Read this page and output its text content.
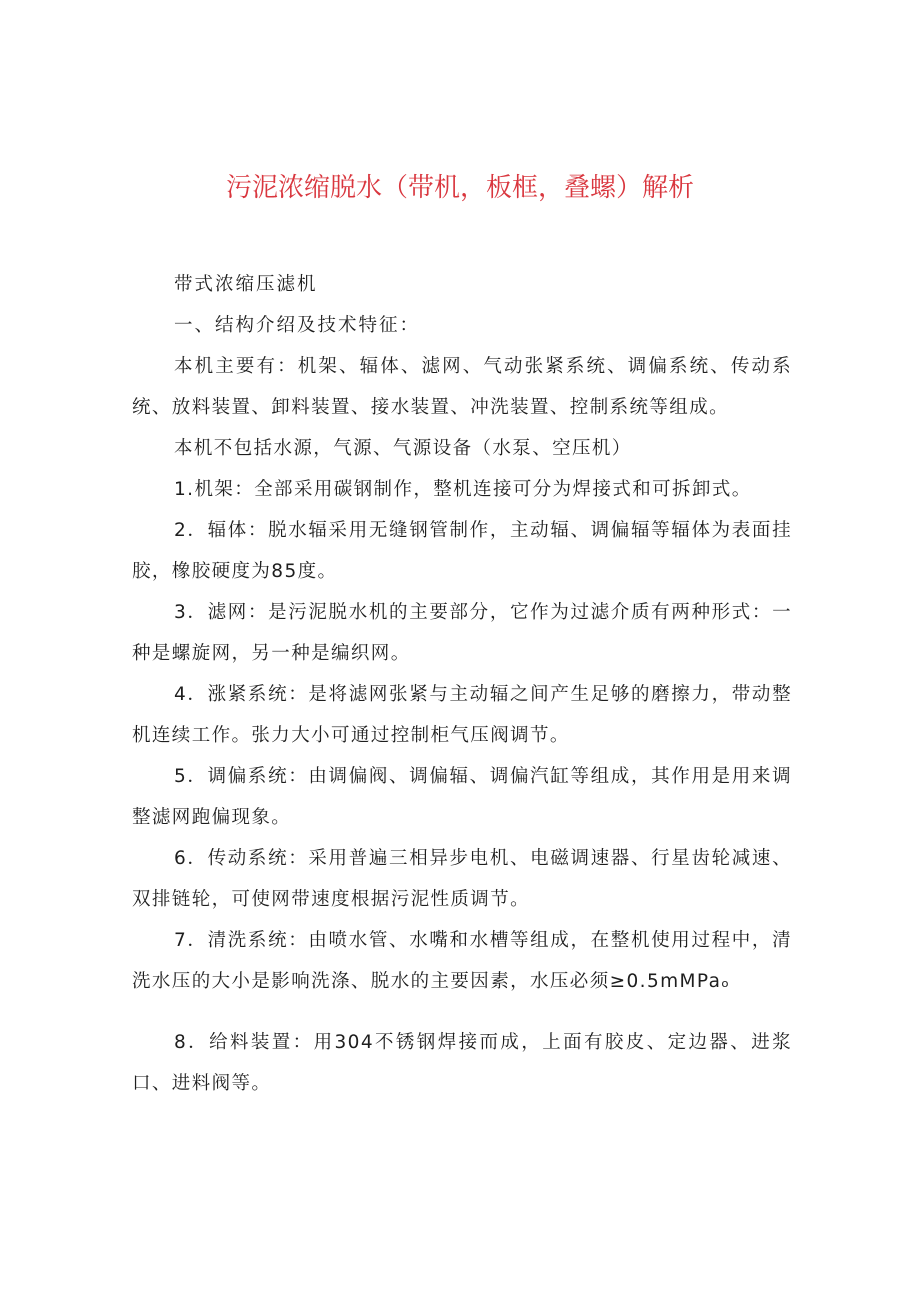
污泥浓缩脱水（带机，板框，叠螺）解析

带式浓缩压滤机

一、结构介绍及技术特征：

本机主要有：机架、辐体、滤网、气动张紧系统、调偏系统、传动系统、放料装置、卸料装置、接水装置、冲洗装置、控制系统等组成。

本机不包括水源，气源、气源设备（水泵、空压机）

1.机架：全部采用碳钢制作，整机连接可分为焊接式和可拆卸式。

2．辐体：脱水辐采用无缝钢管制作，主动辐、调偏辐等辐体为表面挂胶，橡胶硬度为85度。

3．滤网：是污泥脱水机的主要部分，它作为过滤介质有两种形式：一种是螺旋网，另一种是编织网。

4．涨紧系统：是将滤网张紧与主动辐之间产生足够的磨擦力，带动整机连续工作。张力大小可通过控制柜气压阀调节。

5．调偏系统：由调偏阀、调偏辐、调偏汽缸等组成，其作用是用来调整滤网跑偏现象。

6．传动系统：采用普遍三相异步电机、电磁调速器、行星齿轮减速、双排链轮，可使网带速度根据污泥性质调节。

7．清洗系统：由喷水管、水嘴和水槽等组成，在整机使用过程中，清洗水压的大小是影响洗涤、脱水的主要因素，水压必须≥0.5mMPaₒ

8．给料装置：用304不锈钢焊接而成，上面有胶皮、定边器、进浆口、进料阀等。
